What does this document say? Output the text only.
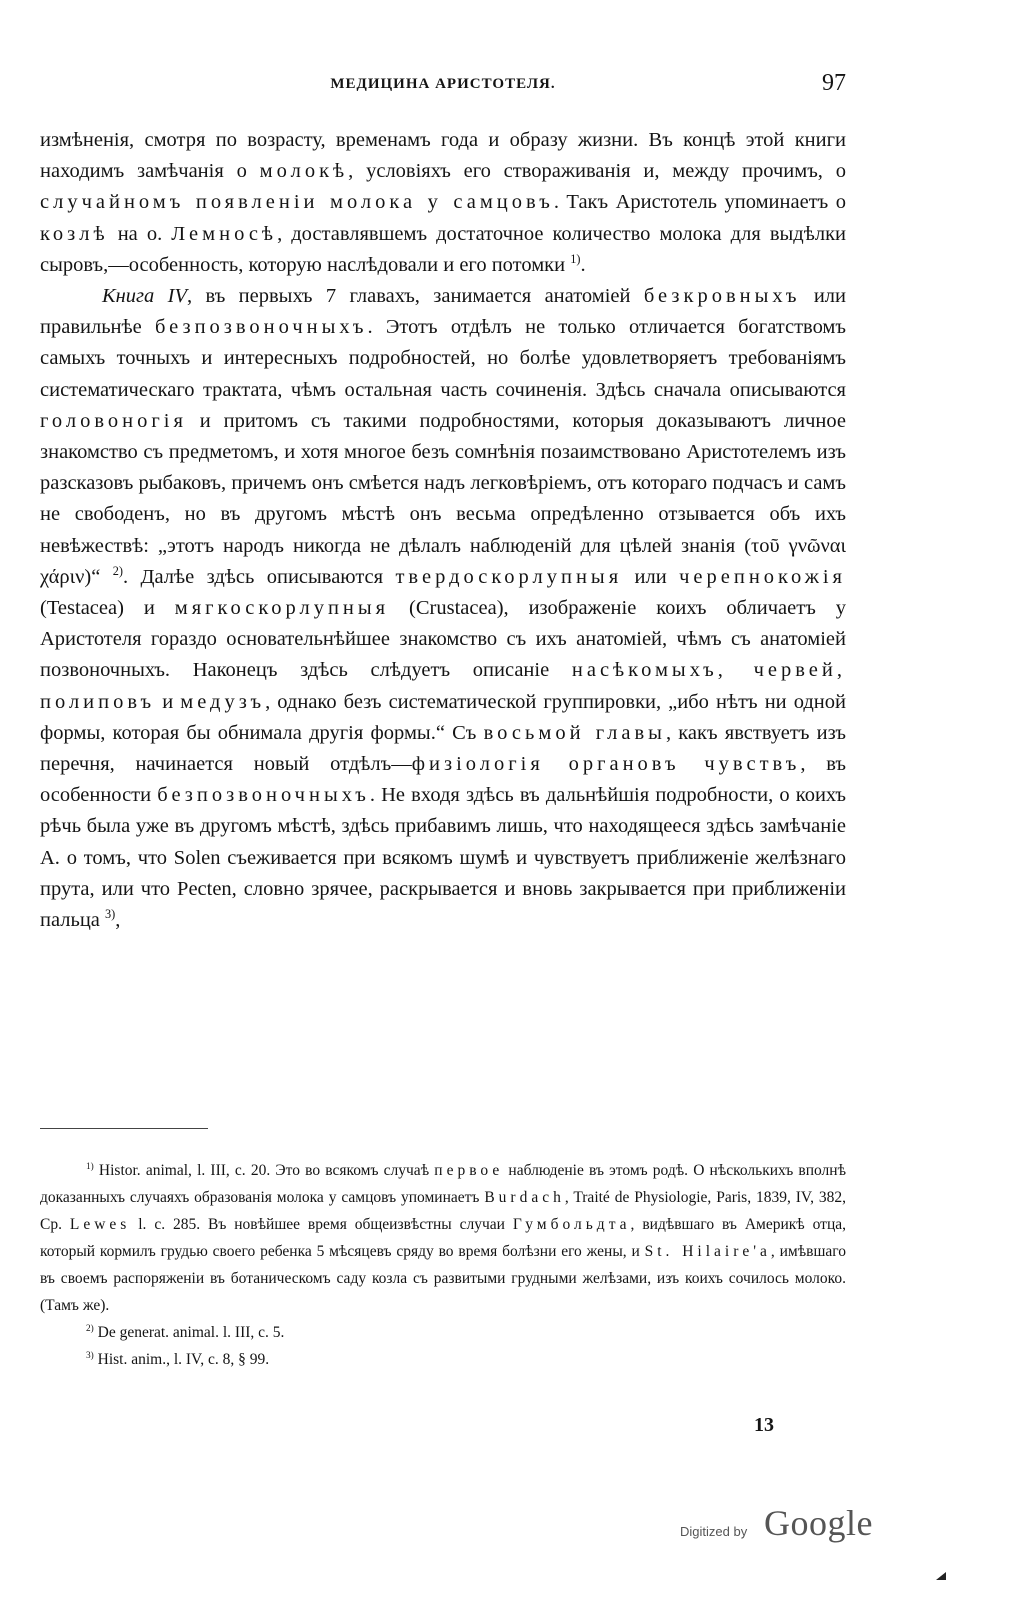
МЕДИЦИНА АРИСТОТЕЛЯ.	97

измѣненія, смотря по возрасту, временамъ года и образу жизни. Въ концѣ этой книги находимъ замѣчанія о молокѣ, условіяхъ его створаживанія и, между прочимъ, о случайномъ появленіи молока у самцовъ. Такъ Аристотель упоминаетъ о козлѣ на о. Лемносѣ, доставлявшемъ достаточное количество молока для выдѣлки сыровъ,—особенность, которую наслѣдовали и его потомки $^{1)}$.

Книга IV, въ первыхъ 7 главахъ, занимается анатоміей безкровныхъ или правильнѣе безпозвоночныхъ. Этотъ отдѣлъ не только отличается богатствомъ самыхъ точныхъ и интересныхъ подробностей, но болѣе удовлетворяетъ требованіямъ систематическаго трактата, чѣмъ остальная часть сочиненія. Здѣсь сначала описываются головоногія и притомъ съ такими подробностями, которыя доказываютъ личное знакомство съ предметомъ, и хотя многое безъ сомнѣнія позаимствовано Аристотелемъ изъ разсказовъ рыбаковъ, причемъ онъ смѣется надъ легковѣріемъ, отъ котораго подчасъ и самъ не свободенъ, но въ другомъ мѣстѣ онъ весьма опредѣленно отзывается объ ихъ невѣжествѣ: „этотъ народъ никогда не дѣлалъ наблюденій для цѣлей знанія (τοῦ γνῶναι χάριν)“ $^{2)}$. Далѣе здѣсь описываются твердоскорлупныя или черепнокожія (Testacea) и мягкоскорлупныя (Crustacea), изображеніе коихъ обличаетъ у Аристотеля гораздо основательнѣйшее знакомство съ ихъ анатоміей, чѣмъ съ анатоміей позвоночныхъ. Наконецъ здѣсь слѣдуетъ описаніе насѣкомыхъ, червей, полиповъ и медузъ, однако безъ систематической группировки, „ибо нѣтъ ни одной формы, которая бы обнимала другія формы.“ Съ восьмой главы, какъ явствуетъ изъ перечня, начинается новый отдѣлъ—физіологія органовъ чувствъ, въ особенности безпозвоночныхъ. Не входя здѣсь въ дальнѣйшія подробности, о коихъ рѣчь была уже въ другомъ мѣстѣ, здѣсь прибавимъ лишь, что находящееся здѣсь замѣчаніе А. о томъ, что Solen съеживается при всякомъ шумѣ и чувствуетъ приближеніе желѣзнаго прута, или что Pecten, словно зрячее, раскрывается и вновь закрывается при приближеніи пальца $^{3)}$,

$^{1)}$ Histor. animal, l. III, c. 20. Это во всякомъ случаѣ первое наблюденіе въ этомъ родѣ. О нѣсколькихъ вполнѣ доказанныхъ случаяхъ образованія молока у самцовъ упоминаетъ Burdach, Traité de Physiologie, Paris, 1839, IV, 382, Ср. Lewes l. c. 285. Въ новѣйшее время общеизвѣстны случаи Гумбольдта, видѣвшаго въ Америкѣ отца, который кормилъ грудью своего ребенка 5 мѣсяцевъ сряду во время болѣзни его жены, и St. Hilaire'a, имѣвшаго въ своемъ распоряженіи въ ботаническомъ саду козла съ развитыми грудными желѣзами, изъ коихъ сочилось молоко. (Тамъ же).

$^{2)}$ De generat. animal. l. III, c. 5.

$^{3)}$ Hist. anim., l. IV, c. 8, § 99.

13
Digitized by Google
